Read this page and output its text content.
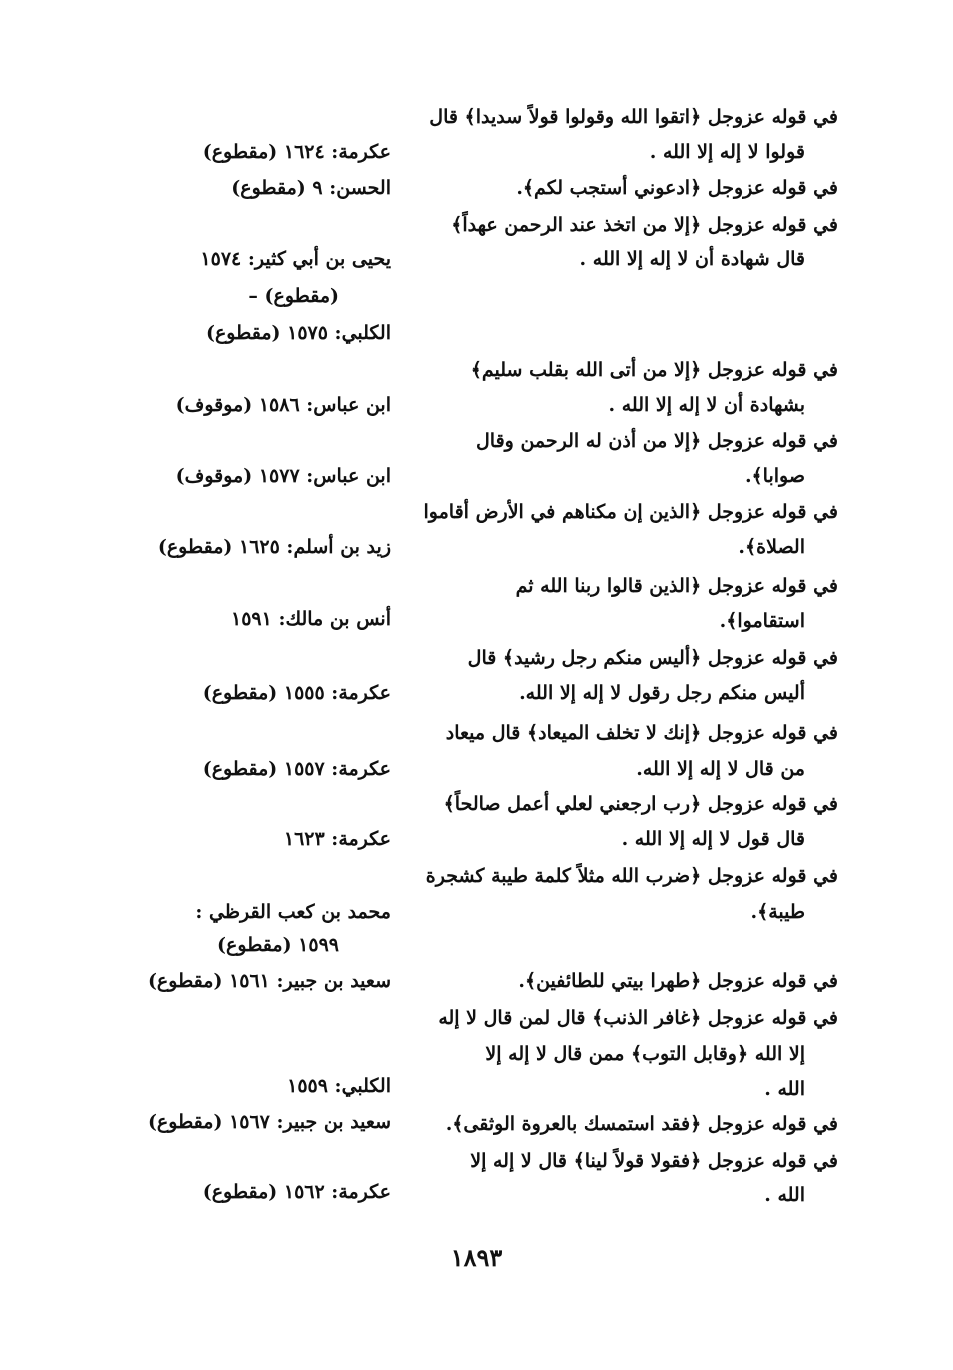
في قوله عزوجل ﴿اتقوا الله وقولوا قولاً سديدا﴾ قال
قولوا لا إله إلا الله .
عكرمة: ١٦٢٤ (مقطوع)
في قوله عزوجل ﴿ادعوني أستجب لكم﴾.
الحسن: ٩ (مقطوع)
في قوله عزوجل ﴿إلا من اتخذ عند الرحمن عهداً﴾
قال شهادة أن لا إله إلا الله .
يحيى بن أبي كثير: ١٥٧٤
(مقطوع) –
الكلبي: ١٥٧٥ (مقطوع)
في قوله عزوجل ﴿إلا من أتى الله بقلب سليم﴾
بشهادة أن لا إله إلا الله .
ابن عباس: ١٥٨٦ (موقوف)
في قوله عزوجل ﴿إلا من أذن له الرحمن وقال
صوابا﴾.
ابن عباس: ١٥٧٧ (موقوف)
في قوله عزوجل ﴿الذين إن مكناهم في الأرض أقاموا
الصلاة﴾.
زيد بن أسلم: ١٦٢٥ (مقطوع)
في قوله عزوجل ﴿الذين قالوا ربنا الله ثم
استقاموا﴾.
أنس بن مالك: ١٥٩١
في قوله عزوجل ﴿أليس منكم رجل رشيد﴾ قال
أليس منكم رجل رقول لا إله إلا الله.
عكرمة: ١٥٥٥ (مقطوع)
في قوله عزوجل ﴿إنك لا تخلف الميعاد﴾ قال ميعاد
من قال لا إله إلا الله.
عكرمة: ١٥٥٧ (مقطوع)
في قوله عزوجل ﴿رب ارجعني لعلي أعمل صالحاً﴾
قال قول لا إله إلا الله .
عكرمة: ١٦٢٣
في قوله عزوجل ﴿ضرب الله مثلاً كلمة طيبة كشجرة
طيبة﴾.
محمد بن كعب القرظي :
١٥٩٩ (مقطوع)
في قوله عزوجل ﴿طهرا بيتي للطائفين﴾.
سعيد بن جبير: ١٥٦١ (مقطوع)
في قوله عزوجل ﴿غافر الذنب﴾ قال لمن قال لا إله
إلا الله ﴿وقابل التوب﴾ ممن قال لا إله إلا
الله .
الكلبي: ١٥٥٩
في قوله عزوجل ﴿فقد استمسك بالعروة الوثقى﴾.
سعيد بن جبير: ١٥٦٧ (مقطوع)
في قوله عزوجل ﴿فقولا قولاً لينا﴾ قال لا إله إلا
الله .
عكرمة: ١٥٦٢ (مقطوع)
١٨٩٣
